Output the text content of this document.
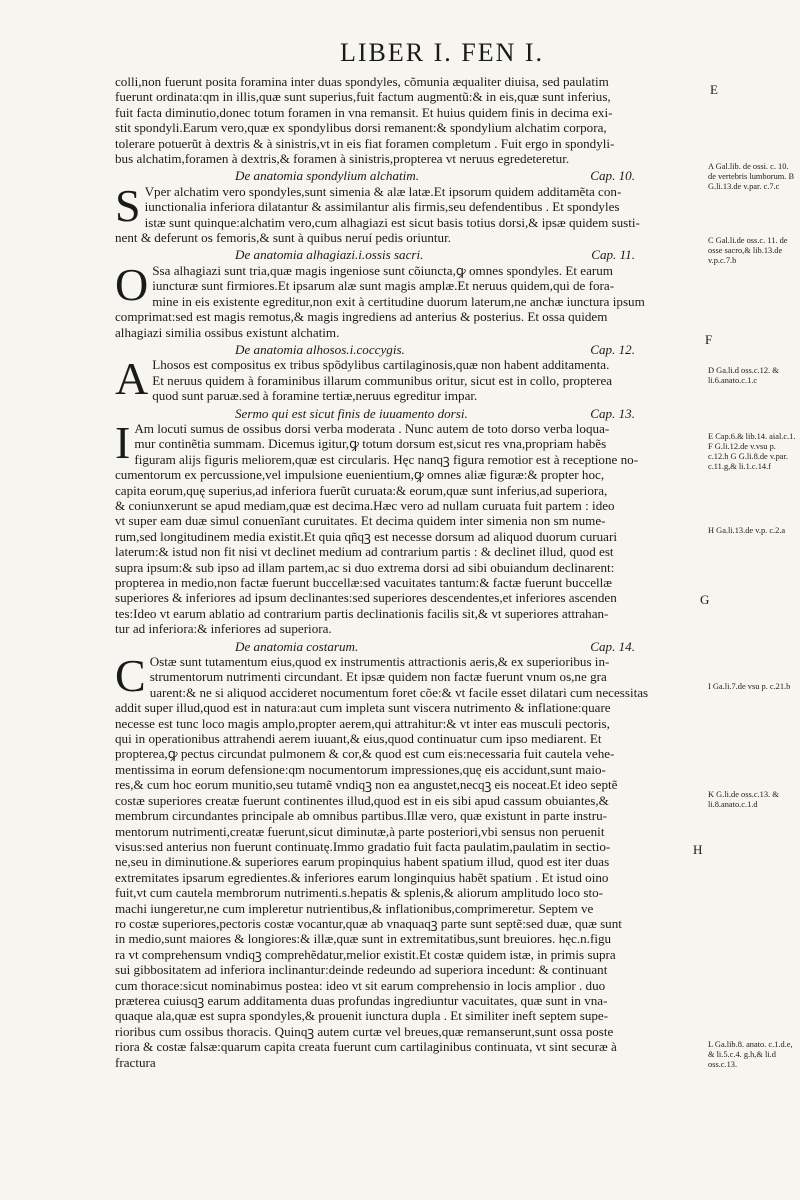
LIBER I. FEN I.

colli,non fuerunt posita foramina inter duas spondyles, cõmunia æqualiter diuisa, sed paulatim
fuerunt ordinata:qm in illis,quæ sunt superius,fuit factum augmentũ:& in eis,quæ sunt inferius,
fuit facta diminutio,donec totum foramen in vna remansit. Et huius quidem finis in decima exi-
stit spondyli.Earum vero,quæ ex spondylibus dorsi remanent:& spondylium alchatim corpora,
tolerare potuerũt à dextris & à sinistris,vt in eis fiat foramen completum . Fuit ergo in spondyli-
bus alchatim,foramen à dextris,& foramen à sinistris,propterea vt neruus egredeteretur.

De anatomia spondylium alchatim.	Cap. 10.

S Vper alchatim vero spondyles,sunt simenia & alæ latæ.Et ipsorum quidem additamẽta con-
iunctionalia inferiora dilatantur & assimilantur alis firmis,seu defendentibus . Et spondyles
istæ sunt quinque:alchatim vero,cum alhagiazi est sicut basis totius dorsi,& ipsæ quidem susti-
nent & deferunt os femoris,& sunt à quibus neruí pedis oriuntur.

De anatomia alhagiazi.i.ossis sacri.	Cap. 11.

O Ssa alhagiazi sunt tria,quæ magis ingeniose sunt cõiuncta,ꝙ omnes spondyles. Et earum
iuncturæ sunt firmiores.Et ipsarum alæ sunt magis amplæ.Et neruus quidem,qui de fora-
mine in eis existente egreditur,non exit à certitudine duorum laterum,ne anchæ iunctura ipsum
comprimat:sed est magis remotus,& magis ingrediens ad anterius & posterius. Et ossa quidem
alhagiazi similia ossibus existunt alchatim.

De anatomia alhosos.i.coccygis.	Cap. 12.

A Lhosos est compositus ex tribus spõdylibus cartilaginosis,quæ non habent additamenta.
Et neruus quidem à foraminibus illarum communibus oritur, sicut est in collo, propterea
quod sunt paruæ.sed à foramine tertiæ,neruus egreditur impar.

Sermo qui est sicut finis de iuuamento dorsi.	Cap. 13.

I Am locuti sumus de ossibus dorsi verba moderata . Nunc autem de toto dorso verba loqua-
mur continẽtia summam. Dicemus igitur,ꝙ totum dorsum est,sicut res vna,propriam habẽs
figuram alijs figuris meliorem,quæ est circularis. Hęc nanqꝫ figura remotior est à receptione no-
cumentorum ex percussione,vel impulsione euenientium,ꝙ omnes aliæ figuræ:& propter hoc,
capita eorum,quę superius,ad inferiora fuerũt curuata:& eorum,quæ sunt inferius,ad superiora,
& coniunxerunt se apud mediam,quæ est decima.Hæc vero ad nullam curuata fuit partem : ideo
vt super eam duæ simul conuenĩant curuitates. Et decima quidem inter simenia non sm nume-
rum,sed longitudinem media existit.Et quia qñqꝫ est necesse dorsum ad aliquod duorum curuari
laterum:& istud non fit nisi vt declinet medium ad contrarium partis : & declinet illud, quod est
supra ipsum:& sub ipso ad illam partem,ac si duo extrema dorsi ad sibi obuiandum declinarent:
propterea in medio,non factæ fuerunt buccellæ:sed vacuitates tantum:& factæ fuerunt buccellæ
superiores & inferiores ad ipsum declinantes:sed superiores descendentes,et inferiores ascenden
tes:Ideo vt earum ablatio ad contrarium partis declinationis facilis sit,& vt superiores attrahan-
tur ad inferiora:& inferiores ad superiora.

De anatomia costarum.	Cap. 14.

C Ostæ sunt tutamentum eius,quod ex instrumentis attractionis aeris,& ex superioribus in-
strumentorum nutrimenti circundant. Et ipsæ quidem non factæ fuerunt vnum os,ne gra
uarent:& ne si aliquod accideret nocumentum foret cõe:& vt facile esset dilatari cum necessitas
addit super illud,quod est in natura:aut cum impleta sunt viscera nutrimento & inflatione:quare
necesse est tunc loco magis amplo,propter aerem,qui attrahitur:& vt inter eas musculi pectoris,
qui in operationibus attrahendi aerem iuuant,& eius,quod continuatur cum ipso mediarent. Et
propterea,ꝙ pectus circundat pulmonem & cor,& quod est cum eis:necessaria fuit cautela vehe-
mentissima in eorum defensione:qm nocumentorum impressiones,quę eis accidunt,sunt maio-
res,& cum hoc eorum munitio,seu tutamẽ vndiqꝫ non ea angustet,necqꝫ eis noceat.Et ideo septẽ
costæ superiores creatæ fuerunt continentes illud,quod est in eis sibi apud cassum obuiantes,&
membrum circundantes principale ab omnibus partibus.Illæ vero, quæ existunt in parte instru-
mentorum nutrimenti,creatæ fuerunt,sicut diminutæ,à parte posteriori,vbi sensus non peruenit
visus:sed anterius non fuerunt continuatę.Immo gradatio fuit facta paulatim,paulatim in sectio-
ne,seu in diminutione.& superiores earum propinquius habent spatium illud, quod est iter duas
extremitates ipsarum egredientes.& inferiores earum longinquius habẽt spatium . Et istud oino
fuit,vt cum cautela membrorum nutrimenti.s.hepatis & splenis,& aliorum amplitudo loco sto-
machi iungeretur,ne cum impleretur nutrientibus,& inflationibus,comprimeretur. Septem ve
ro costæ superiores,pectoris costæ vocantur,quæ ab vnaquaqꝫ parte sunt septẽ:sed duæ, quæ sunt
in medio,sunt maiores & longiores:& illæ,quæ sunt in extremitatibus,sunt breuiores. hęc.n.figu
ra vt comprehensum vndiqꝫ comprehẽdatur,melior existit.Et costæ quidem istæ, in primis supra
sui gibbositatem ad inferiora inclinantur:deinde redeundo ad superiora incedunt: & continuant
cum thorace:sicut nominabimus postea: ideo vt sit earum comprehensio in locis amplior . duo
præterea cuiusqꝫ earum additamenta duas profundas ingrediuntur vacuitates, quæ sunt in vna-
quaque ala,quæ est supra spondyles,& prouenit iunctura dupla . Et similiter ineft septem supe-
rioribus cum ossibus thoracis. Quinqꝫ autem curtæ vel breues,quæ remanserunt,sunt ossa poste
riora & costæ falsæ:quarum capita creata fuerunt cum cartilaginibus continuata, vt sint securæ à
fractura

A Gal.lib. de ossi. c. 10. de vertebris lumborum. B G.li.13.de v.par. c.7.c
C Gal.li.de oss.c. 11. de osse sacro,& lib.13.de v.p.c.7.b
D Ga.li.d oss.c.12. & li.6.anato.c.1.c
E Cap.6.& lib.14. aial.c.1. F G.li.12.de v.vsu p. c.12.h G G.li.8.de v.par. c.11.g,& li.1.c.14.f
H Ga.li.13.de v.p. c.2.a
I Ga.li.7.de vsu p. c.21.b
K G.li.de oss.c.13. & li.8.anato.c.1.d
L Ga.lib.8. anato. c.1.d.e, & li.5.c.4. g.h,& li.d oss.c.13.
E
F
G
H
